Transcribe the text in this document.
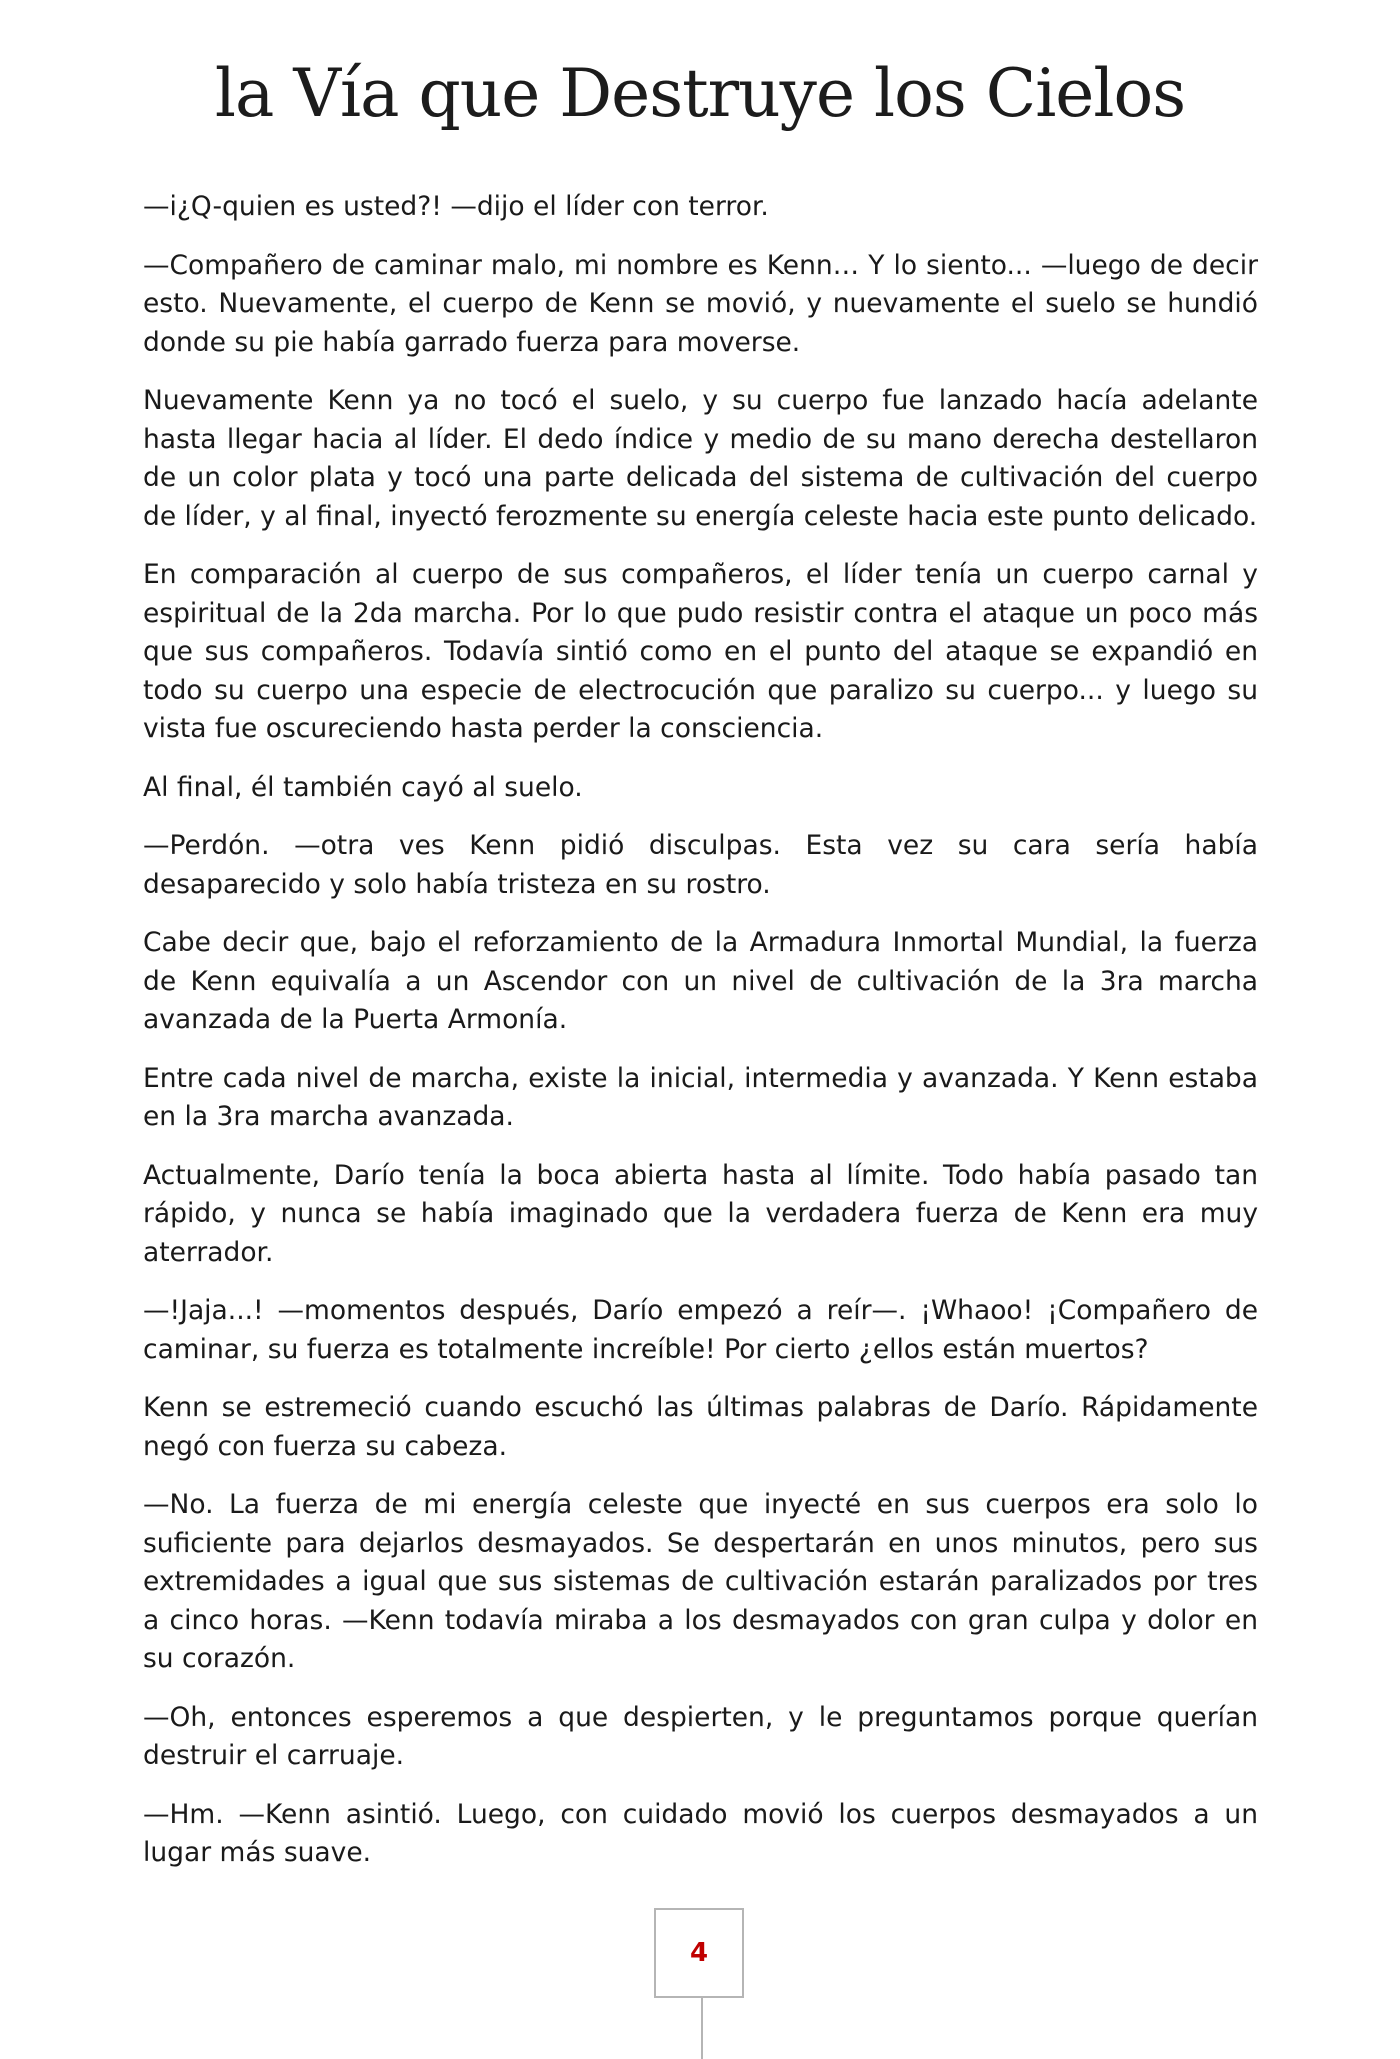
la Vía que Destruye los Cielos

—i¿Q-quien es usted?! —dijo el líder con terror.

—Compañero de caminar malo, mi nombre es Kenn… Y lo siento... —luego de decir esto. Nuevamente, el cuerpo de Kenn se movió, y nuevamente el suelo se hundió donde su pie había garrado fuerza para moverse.

Nuevamente Kenn ya no tocó el suelo, y su cuerpo fue lanzado hacía adelante hasta llegar hacia al líder. El dedo índice y medio de su mano derecha destellaron de un color plata y tocó una parte delicada del sistema de cultivación del cuerpo de líder, y al final, inyectó ferozmente su energía celeste hacia este punto delicado.

En comparación al cuerpo de sus compañeros, el líder tenía un cuerpo carnal y espiritual de la 2da marcha. Por lo que pudo resistir contra el ataque un poco más que sus compañeros. Todavía sintió como en el punto del ataque se expandió en todo su cuerpo una especie de electrocución que paralizo su cuerpo... y luego su vista fue oscureciendo hasta perder la consciencia.

Al final, él también cayó al suelo.

—Perdón. —otra ves Kenn pidió disculpas. Esta vez su cara sería había desaparecido y solo había tristeza en su rostro.

Cabe decir que, bajo el reforzamiento de la Armadura Inmortal Mundial, la fuerza de Kenn equivalía a un Ascendor con un nivel de cultivación de la 3ra marcha avanzada de la Puerta Armonía.

Entre cada nivel de marcha, existe la inicial, intermedia y avanzada. Y Kenn estaba en la 3ra marcha avanzada.

Actualmente, Darío tenía la boca abierta hasta al límite. Todo había pasado tan rápido, y nunca se había imaginado que la verdadera fuerza de Kenn era muy aterrador.

—!Jaja...! —momentos después, Darío empezó a reír—. ¡Whaoo! ¡Compañero de caminar, su fuerza es totalmente increíble! Por cierto ¿ellos están muertos?

Kenn se estremeció cuando escuchó las últimas palabras de Darío. Rápidamente negó con fuerza su cabeza.

—No. La fuerza de mi energía celeste que inyecté en sus cuerpos era solo lo suficiente para dejarlos desmayados. Se despertarán en unos minutos, pero sus extremidades a igual que sus sistemas de cultivación estarán paralizados por tres a cinco horas. —Kenn todavía miraba a los desmayados con gran culpa y dolor en su corazón.

—Oh, entonces esperemos a que despierten, y le preguntamos porque querían destruir el carruaje.

—Hm. —Kenn asintió. Luego, con cuidado movió los cuerpos desmayados a un lugar más suave.

4
